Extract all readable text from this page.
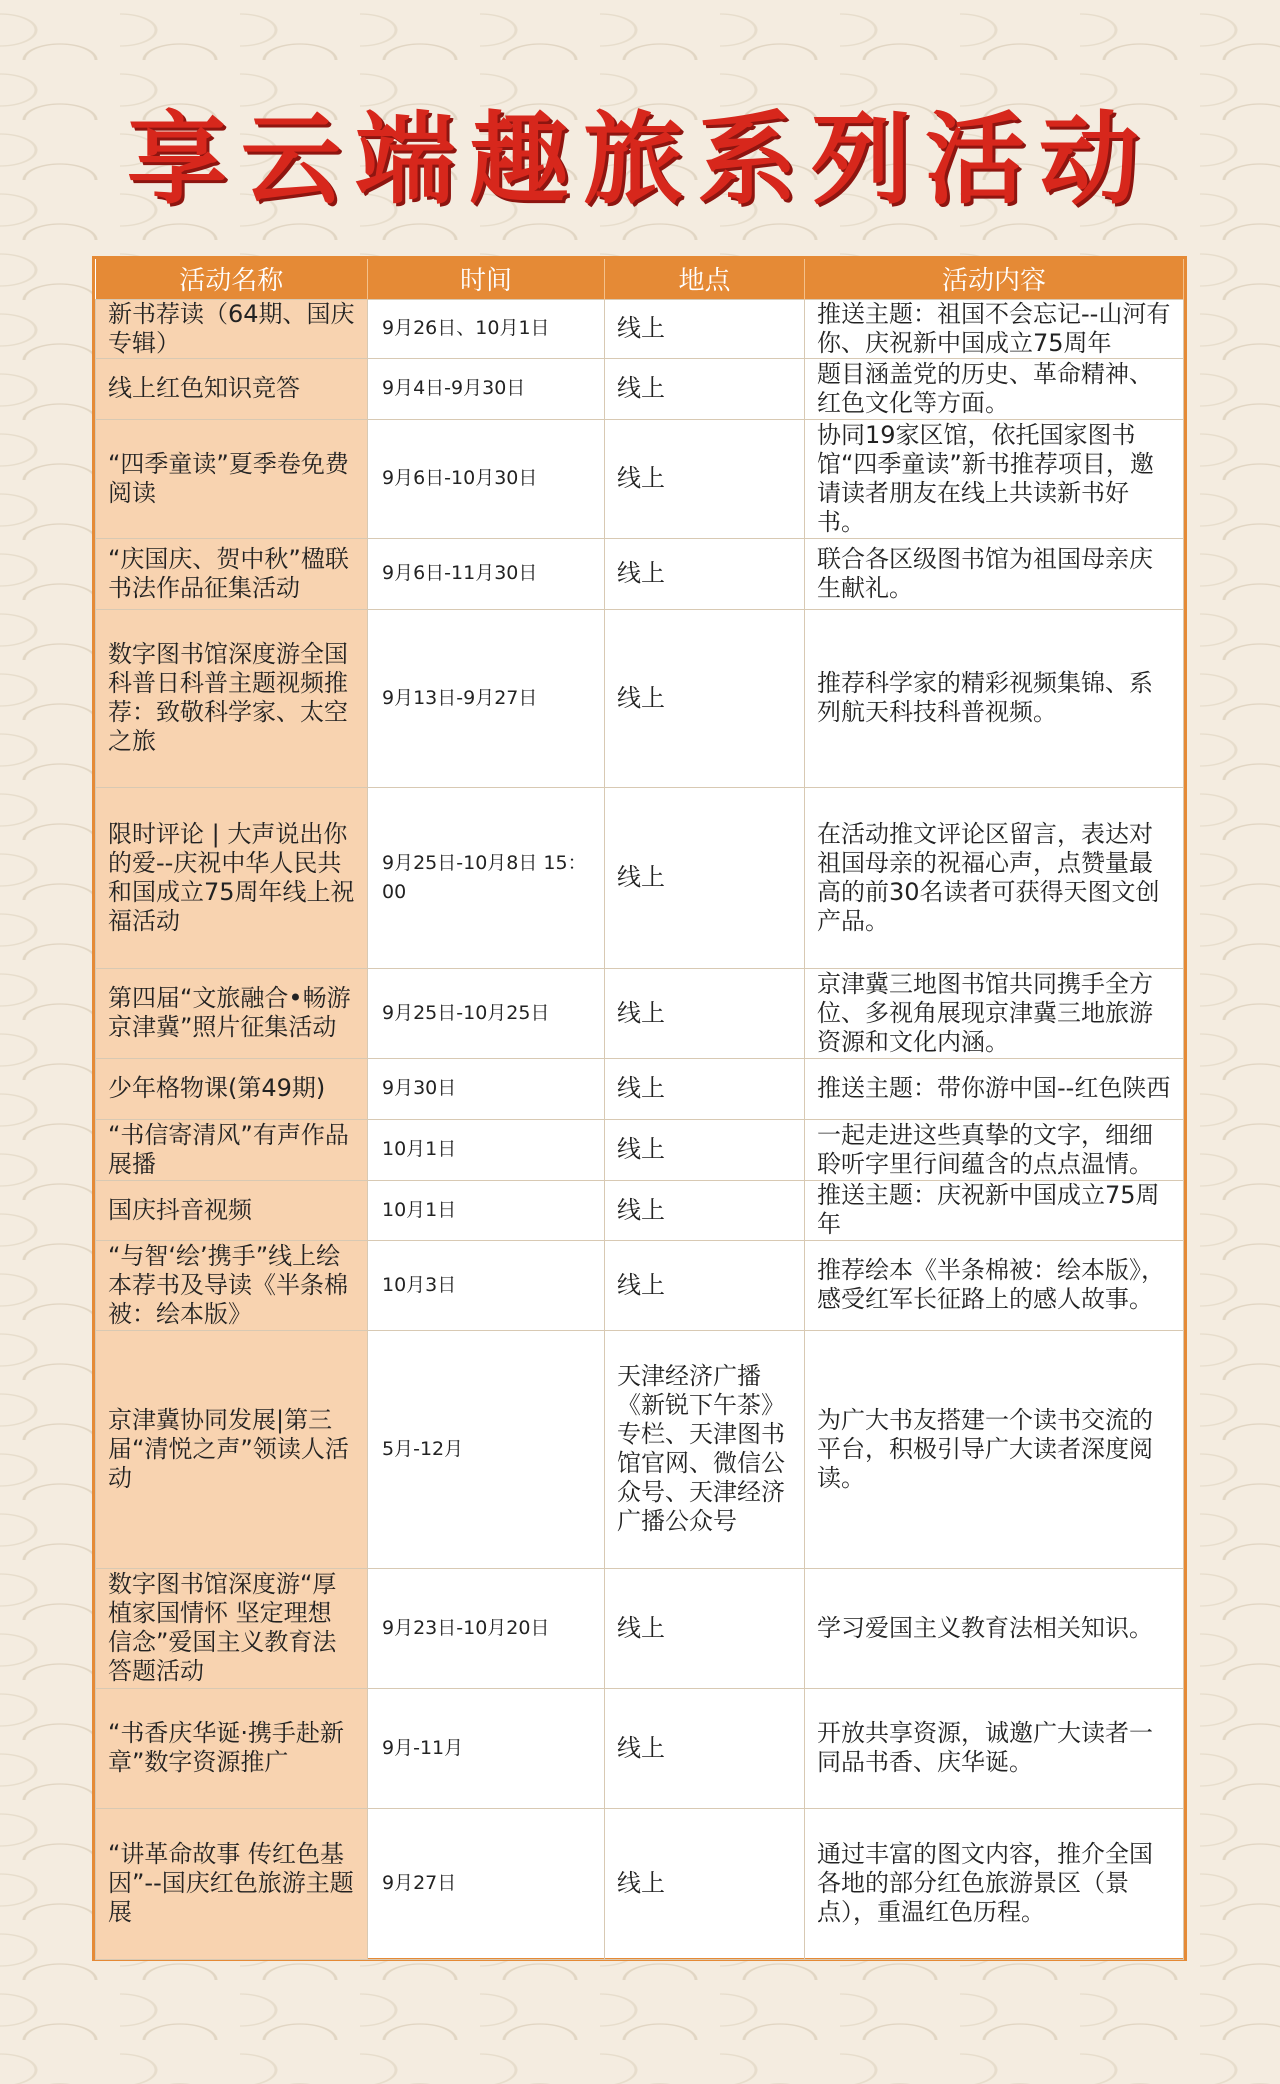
享云端趣旅系列活动
活动名称	时间	地点	活动内容
新书荐读（64期、国庆专辑）	9月26日、10月1日	线上	推送主题：祖国不会忘记--山河有你、庆祝新中国成立75周年
线上红色知识竞答	9月4日-9月30日	线上	题目涵盖党的历史、革命精神、红色文化等方面。
“四季童读”夏季卷免费阅读	9月6日-10月30日	线上	协同19家区馆，依托国家图书馆“四季童读”新书推荐项目，邀请读者朋友在线上共读新书好书。
“庆国庆、贺中秋”楹联书法作品征集活动	9月6日-11月30日	线上	联合各区级图书馆为祖国母亲庆生献礼。
数字图书馆深度游全国科普日科普主题视频推荐：致敬科学家、太空之旅	9月13日-9月27日	线上	推荐科学家的精彩视频集锦、系列航天科技科普视频。
限时评论 | 大声说出你的爱--庆祝中华人民共和国成立75周年线上祝福活动	9月25日-10月8日 15：00	线上	在活动推文评论区留言，表达对祖国母亲的祝福心声，点赞量最高的前30名读者可获得天图文创产品。
第四届“文旅融合•畅游京津冀”照片征集活动	9月25日-10月25日	线上	京津冀三地图书馆共同携手全方位、多视角展现京津冀三地旅游资源和文化内涵。
少年格物课(第49期)	9月30日	线上	推送主题：带你游中国--红色陕西
“书信寄清风”有声作品展播	10月1日	线上	一起走进这些真挚的文字，细细聆听字里行间蕴含的点点温情。
国庆抖音视频	10月1日	线上	推送主题：庆祝新中国成立75周年
“与智‘绘’携手”线上绘本荐书及导读《半条棉被：绘本版》	10月3日	线上	推荐绘本《半条棉被：绘本版》，感受红军长征路上的感人故事。
京津冀协同发展|第三届“清悦之声”领读人活动	5月-12月	天津经济广播《新锐下午茶》专栏、天津图书馆官网、微信公众号、天津经济广播公众号	为广大书友搭建一个读书交流的平台，积极引导广大读者深度阅读。
数字图书馆深度游“厚植家国情怀 坚定理想信念”爱国主义教育法答题活动	9月23日-10月20日	线上	学习爱国主义教育法相关知识。
“书香庆华诞·携手赴新章”数字资源推广	9月-11月	线上	开放共享资源，诚邀广大读者一同品书香、庆华诞。
“讲革命故事 传红色基因”--国庆红色旅游主题展	9月27日	线上	通过丰富的图文内容，推介全国各地的部分红色旅游景区（景点），重温红色历程。
